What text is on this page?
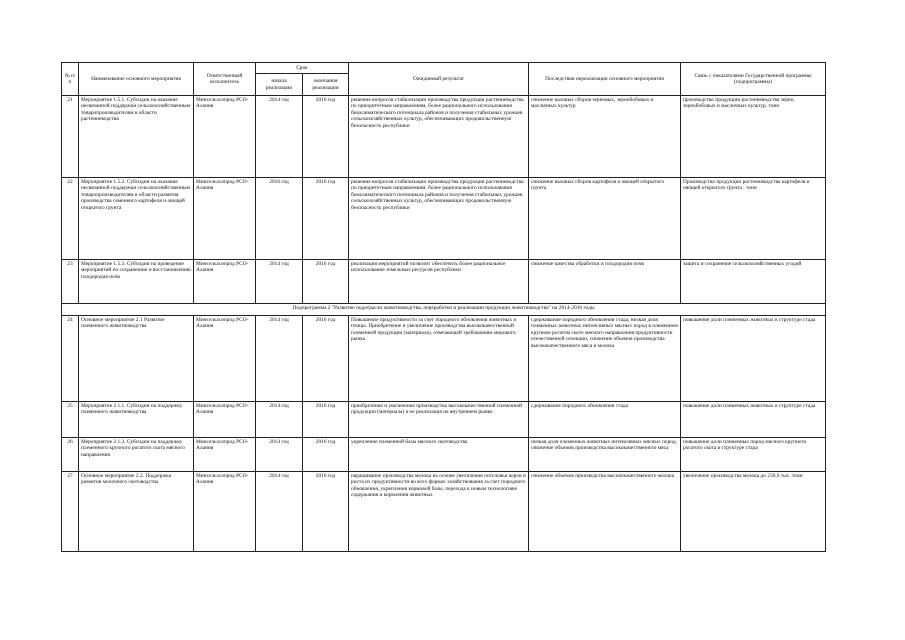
№ п/п	Наименование основного мероприятия	Ответственный исполнитель	Срок		Ожидаемый результат	Последствия нереализации основного мероприятия	Связь с показателями Государственной программы (подпрограммы)
			начала реализации	окончания реализации			
21	Мероприятие 1.5.1. Субсидии на оказание несвязанной поддержки сельскохозяйственным товаропроизводителям в области растениеводства	Минсельхозпрод РСО-Алания	2014 год	2016 год	решение вопросов стабилизации производства продукции растениеводства по приоритетным направлениям, более рационального использования биоклиматического потенциала районов и получения стабильных урожаев сельскохозяйственных культур, обеспечивающих продовольственную безопасность республики	снижение валовых сборов зерновых, зернобобовых и масличных культур	производство продукции растениеводства зерно, зернобобовых и масличных культур, тонн
22	Мероприятие 1.5.2. Субсидии на оказание несвязанной поддержки сельскохозяйственным товаропроизводителям в области развития производства семенного картофеля и овощей открытого грунта	Минсельхозпрод РСО-Алания	2016 год	2016 год	решение вопросов стабилизации производства продукции растениеводства по приоритетным направлениям, более рационального использования биоклиматического потенциала районов и получения стабильных урожаев сельскохозяйственных культур, обеспечивающих продовольственную безопасность республики	снижение валовых сборов картофеля и овощей открытого грунта	Производство продукции растениеводства картофеля и овощей открытого грунта , тонн
23	Мероприятие 1.5.3. Субсидии на проведение мероприятий по сохранению и восстановлению плодородия почв	Минсельхозпрод РСО-Алания	2014 год	2016 год	реализация мероприятий позволит обеспечить более рациональное использование земельных ресурсов республики	снижение качества обработки и плодородия почв	защита и сохранение сельскохозяйственных угодий
Подпрограмма 2 "Развитие подотрасли животноводства, переработки и реализации продукции животноводства" на 2014-2016 годы							
24	Основное мероприятие 2.1 Развитие племенного животноводства	Минсельхозпрод РСО-Алания	2014 год	2016 год	Повышение продуктивности за счет породного обновления животных и птицы. Приобретение и увеличение производства высококачественной племенной продукции (материала), отвечающей требованиям мирового рынка	сдерживание породного обновления стада, низкая доля племенных животных интенсивных мясных пород в племенном крупном рогатом скоте мясного направления продуктивности отечественной селекции, снижение объемов производства высококачественного мяса и молока	повышение доли племенных животных в структуре стада
25	Мероприятие 2.1.1. Субсидии на поддержку племенного животноводства	Минсельхозпрод РСО-Алания	2014 год	2016 год	приобретение и увеличение производства высококачественной племенной продукции (материала) и ее реализация на внутреннем рынке	сдерживание породного обновления стада	повышение доли племенных животных в структуре стада
26	Мероприятие 2.1.2. Субсидии на поддержку племенного крупного рогатого скота мясного направления	Минсельхозпрод РСО-Алания	2014 год	2016 год	укрепление племенной базы мясного скотоводства	низкая доля племенных животных интенсивных мясных пород, снижение объемов производства высококачественного мяса	повышение доли племенных пород мясного крупного рогатого скота в структуре стада
27	Основное мероприятие 2.2. Поддержка развития молочного скотоводства	Минсельхозпрод РСО-Алания	2014 год	2016 год	наращивание производства молока на основе увеличения поголовья коров и роста их продуктивности во всех формах хозяйствования за счет породного обновления, укрепления кормовой базы, перехода к новым технологиям содержания и кормления животных	снижение объемов производства высококачественного молока	увеличение производства молока до 230,0 тыс. тонн
